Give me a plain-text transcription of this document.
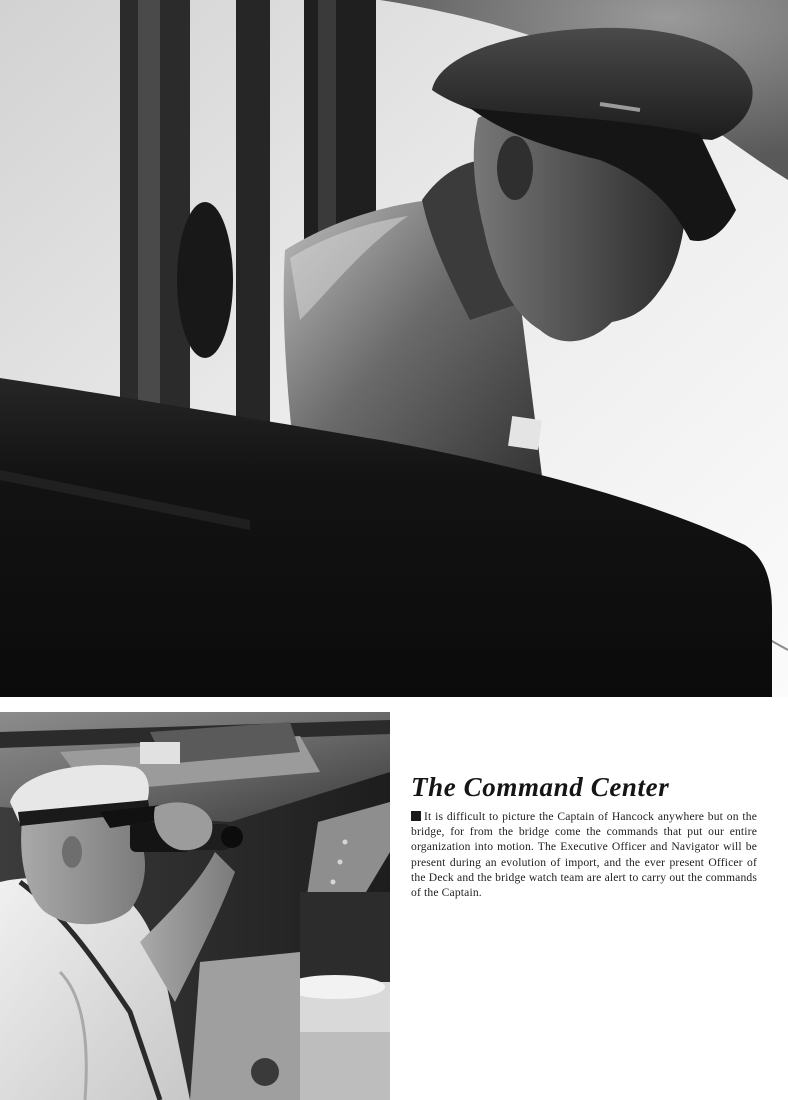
The Command Center

It is difficult to picture the Captain of Hancock anywhere but on the bridge, for from the bridge come the commands that put our entire organization into motion. The Executive Officer and Navigator will be present during an evolution of import, and the ever present Officer of the Deck and the bridge watch team are alert to carry out the commands of the Captain.
